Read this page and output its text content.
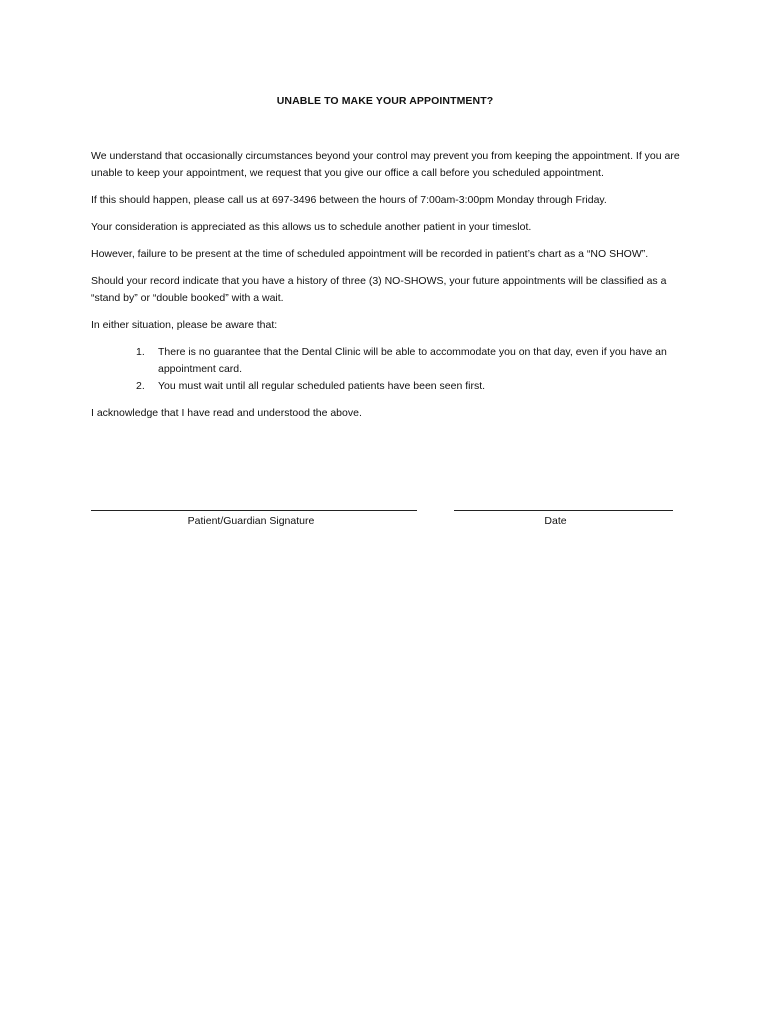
UNABLE TO MAKE YOUR APPOINTMENT?

We understand that occasionally circumstances beyond your control may prevent you from keeping the appointment. If you are unable to keep your appointment, we request that you give our office a call before you scheduled appointment.

If this should happen, please call us at 697-3496 between the hours of 7:00am-3:00pm Monday through Friday.

Your consideration is appreciated as this allows us to schedule another patient in your timeslot.

However, failure to be present at the time of scheduled appointment will be recorded in patient’s chart as a “NO SHOW”.

Should your record indicate that you have a history of three (3) NO-SHOWS, your future appointments will be classified as a “stand by” or “double booked” with a wait.

In either situation, please be aware that:

1. There is no guarantee that the Dental Clinic will be able to accommodate you on that day, even if you have an appointment card.
2. You must wait until all regular scheduled patients have been seen first.

I acknowledge that I have read and understood the above.

Patient/Guardian Signature	Date
